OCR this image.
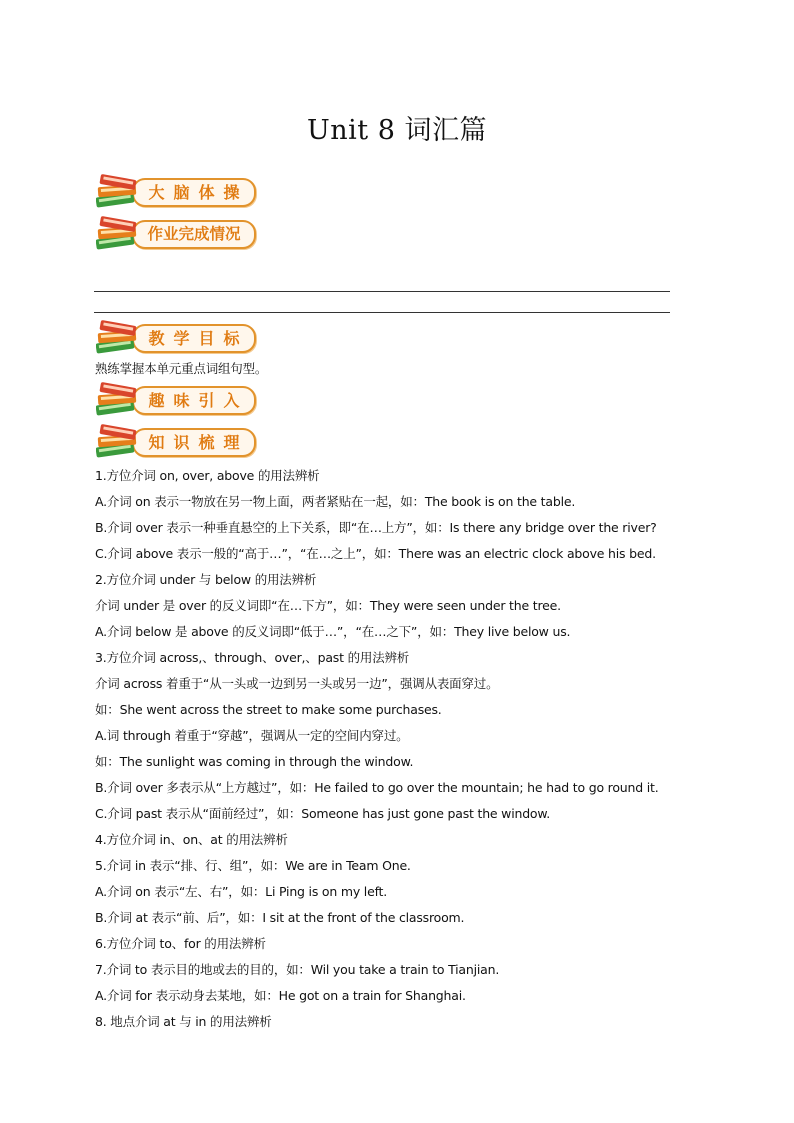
Unit 8 词汇篇
大脑体操
作业完成情况
教学目标
熟练掌握本单元重点词组句型。
趣味引入
知识梳理
1.方位介词 on, over, above 的用法辨析
A.介词 on 表示一物放在另一物上面，两者紧贴在一起，如：The book is on the table.
B.介词 over 表示一种垂直悬空的上下关系，即“在…上方”，如：Is there any bridge over the river?
C.介词 above 表示一般的“高于…”，“在…之上”，如：There was an electric clock above his bed.
2.方位介词 under 与 below 的用法辨析
介词 under 是 over 的反义词即“在…下方”，如：They were seen under the tree.
A.介词 below 是 above 的反义词即“低于…”，“在…之下”，如：They live below us.
3.方位介词 across,、through、over,、past 的用法辨析
介词 across 着重于“从一头或一边到另一头或另一边”，强调从表面穿过。
如：She went across the street to make some purchases.
A.词 through 着重于“穿越”，强调从一定的空间内穿过。
如：The sunlight was coming in through the window.
B.介词 over 多表示从“上方越过”，如：He failed to go over the mountain; he had to go round it.
C.介词 past 表示从“面前经过”，如：Someone has just gone past the window.
4.方位介词 in、on、at 的用法辨析
5.介词 in 表示“排、行、组”，如：We are in Team One.
A.介词 on 表示“左、右”，如：Li Ping is on my left.
B.介词 at 表示“前、后”，如：I sit at the front of the classroom.
6.方位介词 to、for 的用法辨析
7.介词 to 表示目的地或去的目的，如：Wil you take a train to Tianjian.
A.介词 for 表示动身去某地，如：He got on a train for Shanghai.
8. 地点介词 at 与 in 的用法辨析
